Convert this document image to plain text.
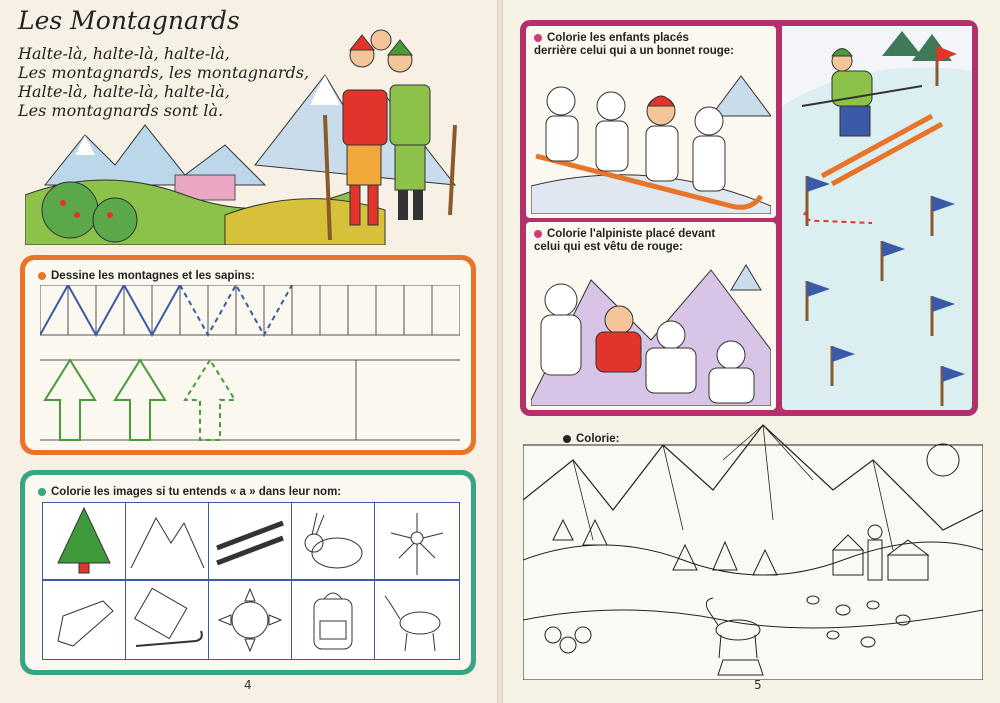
Les Montagnards
Halte-là, halte-là, halte-là,
Les montagnards, les montagnards,
Halte-là, halte-là, halte-là,
Les montagnards sont là.
Dessine les montagnes et les sapins:
Colorie les images si tu entends « a » dans leur nom:
4
Colorie les enfants placés derrière celui qui a un bonnet rouge:
Colorie l'alpiniste placé devant celui qui est vêtu de rouge:
Colorie:
5
